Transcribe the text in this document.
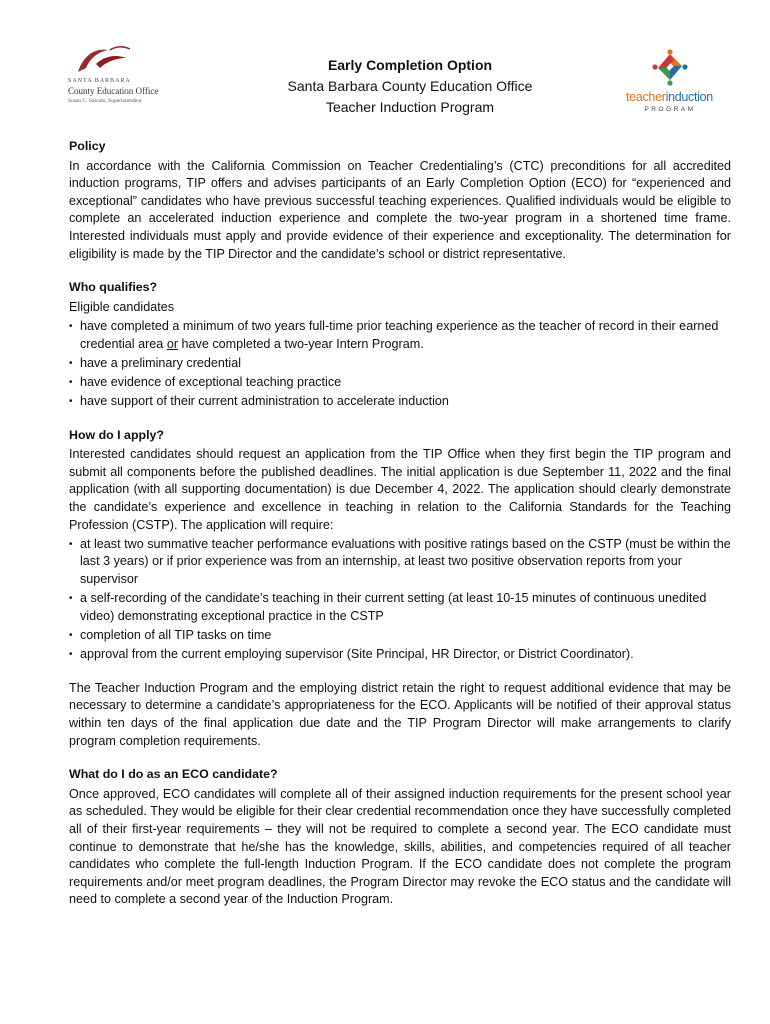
SANTA BARBARA
County Education Office
Susan C. Salcido, Superintendent
Early Completion Option
Santa Barbara County Education Office
Teacher Induction Program
teacherinduction
PROGRAM
Policy

In accordance with the California Commission on Teacher Credentialing’s (CTC) preconditions for all accredited induction programs, TIP offers and advises participants of an Early Completion Option (ECO) for “experienced and exceptional” candidates who have previous successful teaching experiences. Qualified individuals would be eligible to complete an accelerated induction experience and complete the two-year program in a shortened time frame. Interested individuals must apply and provide evidence of their experience and exceptionality. The determination for eligibility is made by the TIP Director and the candidate’s school or district representative.

Who qualifies?

Eligible candidates

• have completed a minimum of two years full-time prior teaching experience as the teacher of record in their earned credential area or have completed a two-year Intern Program.
• have a preliminary credential
• have evidence of exceptional teaching practice
• have support of their current administration to accelerate induction
How do I apply?

Interested candidates should request an application from the TIP Office when they first begin the TIP program and submit all components before the published deadlines. The initial application is due September 11, 2022 and the final application (with all supporting documentation) is due December 4, 2022. The application should clearly demonstrate the candidate’s experience and excellence in teaching in relation to the California Standards for the Teaching Profession (CSTP). The application will require:

• at least two summative teacher performance evaluations with positive ratings based on the CSTP (must be within the last 3 years) or if prior experience was from an internship, at least two positive observation reports from your supervisor
• a self-recording of the candidate’s teaching in their current setting (at least 10-15 minutes of continuous unedited video) demonstrating exceptional practice in the CSTP
• completion of all TIP tasks on time
• approval from the current employing supervisor (Site Principal, HR Director, or District Coordinator).

The Teacher Induction Program and the employing district retain the right to request additional evidence that may be necessary to determine a candidate’s appropriateness for the ECO. Applicants will be notified of their approval status within ten days of the final application due date and the TIP Program Director will make arrangements to clarify program completion requirements.

What do I do as an ECO candidate?

Once approved, ECO candidates will complete all of their assigned induction requirements for the present school year as scheduled. They would be eligible for their clear credential recommendation once they have successfully completed all of their first-year requirements – they will not be required to complete a second year. The ECO candidate must continue to demonstrate that he/she has the knowledge, skills, abilities, and competencies required of all teacher candidates who complete the full-length Induction Program. If the ECO candidate does not complete the program requirements and/or meet program deadlines, the Program Director may revoke the ECO status and the candidate will need to complete a second year of the Induction Program.
